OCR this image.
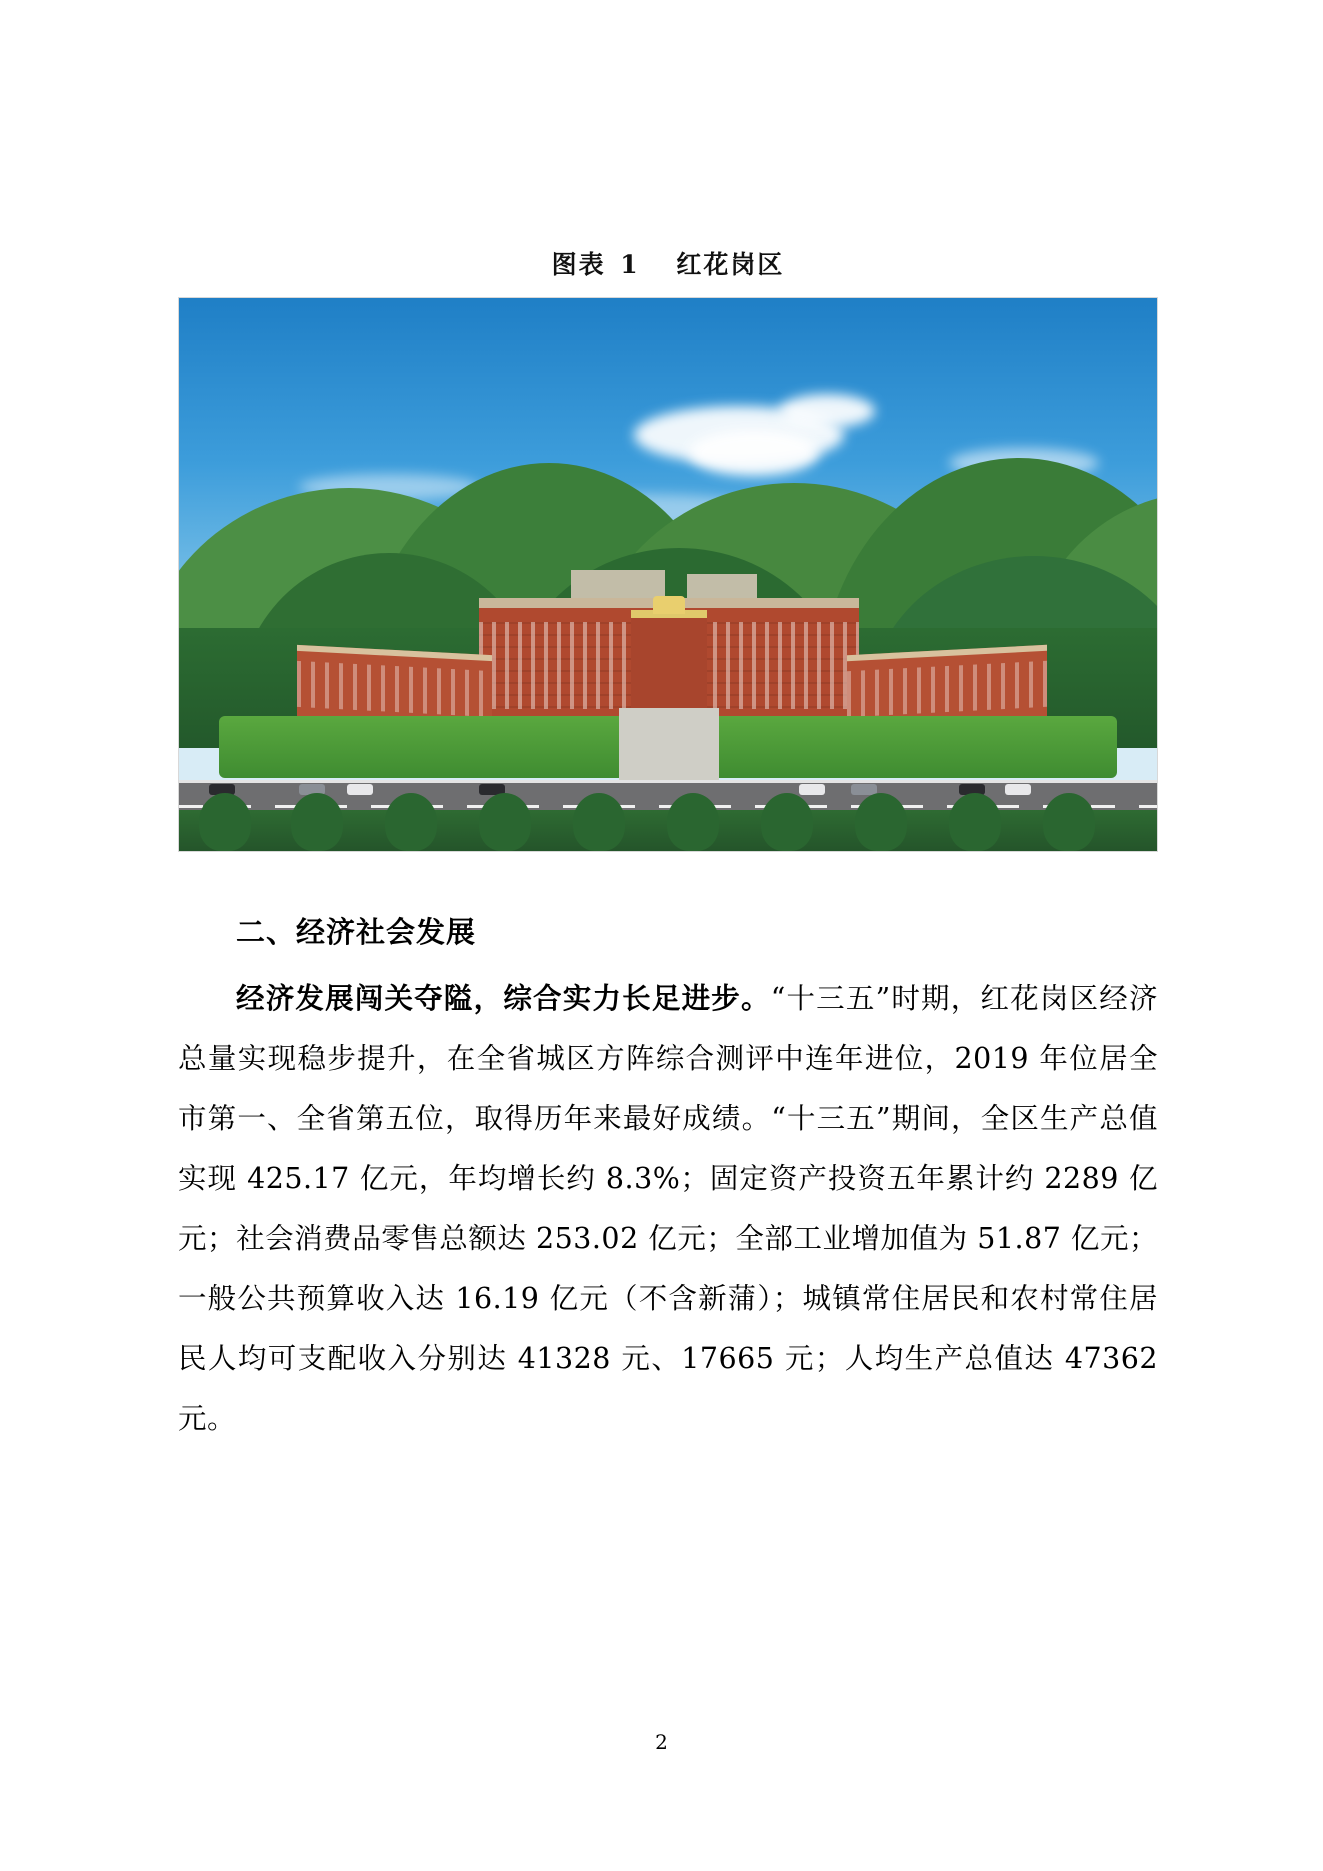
图表 1 红花岗区
二、经济社会发展
经济发展闯关夺隘，综合实力长足进步。“十三五”时期，红花岗区经济总量实现稳步提升，在全省城区方阵综合测评中连年进位，2019 年位居全市第一、全省第五位，取得历年来最好成绩。“十三五”期间，全区生产总值实现 425.17 亿元，年均增长约 8.3%；固定资产投资五年累计约 2289 亿元；社会消费品零售总额达 253.02 亿元；全部工业增加值为 51.87 亿元；一般公共预算收入达 16.19 亿元（不含新蒲）；城镇常住居民和农村常住居民人均可支配收入分别达 41328 元、17665 元；人均生产总值达 47362 元。
2
